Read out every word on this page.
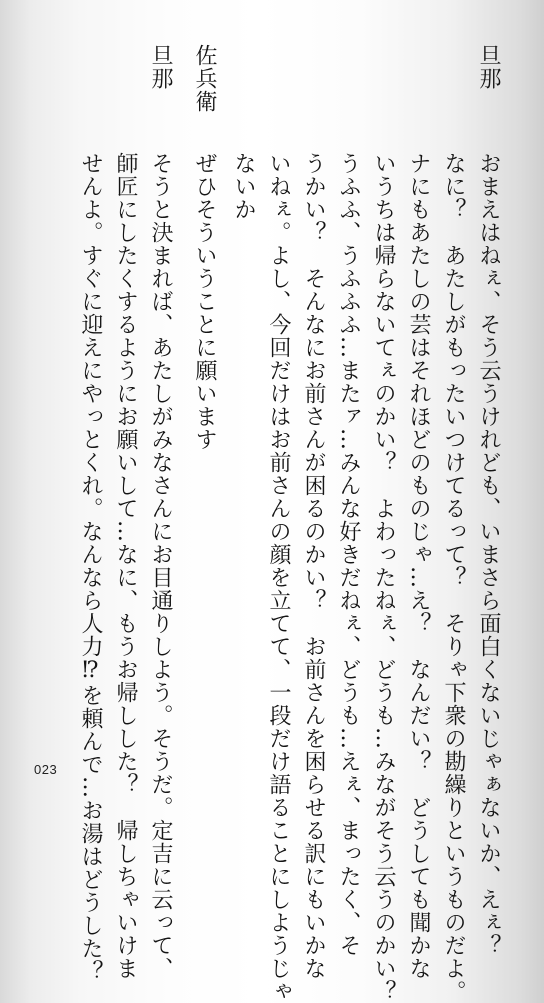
旦那
佐兵衛
旦那
おまえはねぇ、そう云うけれども、いまさら面白くないじゃぁないか、えぇ？
なに？　あたしがもったいつけてるって？　そりゃ下衆の勘繰りというものだよ。
ナにもあたしの芸はそれほどのものじゃ…え？　なんだい？　どうしても聞かな
いうちは帰らないてぇのかい？　よわったねぇ、どうも…みながそう云うのかい？
うふふ、うふふふ…またァ…みんな好きだねぇ、どうも…えぇ、まったく、そ
うかい？　そんなにお前さんが困るのかい？　お前さんを困らせる訳にもいかな
いねぇ。よし、今回だけはお前さんの顔を立てて、一段だけ語ることにしようじゃ
ないか
ぜひそういうことに願います
そうと決まれば、あたしがみなさんにお目通りしよう。そうだ。定吉に云って、
師匠にしたくするようにお願いして…なに、もうお帰しした？　帰しちゃいけま
せんよ。すぐに迎えにやっとくれ。なんなら人力⁉を頼んで…お湯はどうした？
023
